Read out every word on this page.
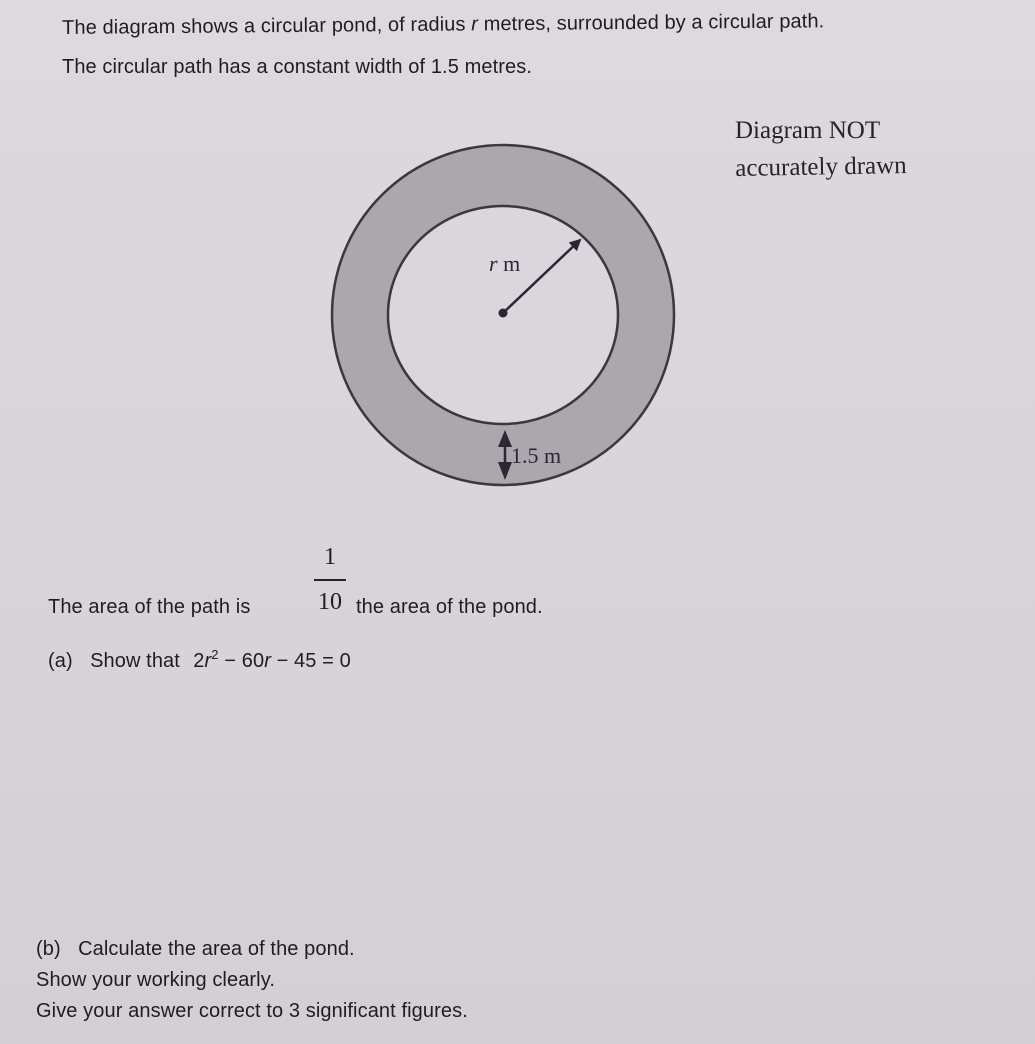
The diagram shows a circular pond, of radius r metres, surrounded by a circular path.
The circular path has a constant width of 1.5 metres.
Diagram NOT
accurately drawn
r m
1.5 m
The area of the path is
1
10 the area of the pond.
(a) Show that $2r^2 - 60r - 45 = 0$
(b) Calculate the area of the pond.
Show your working clearly.
Give your answer correct to 3 significant figures.
